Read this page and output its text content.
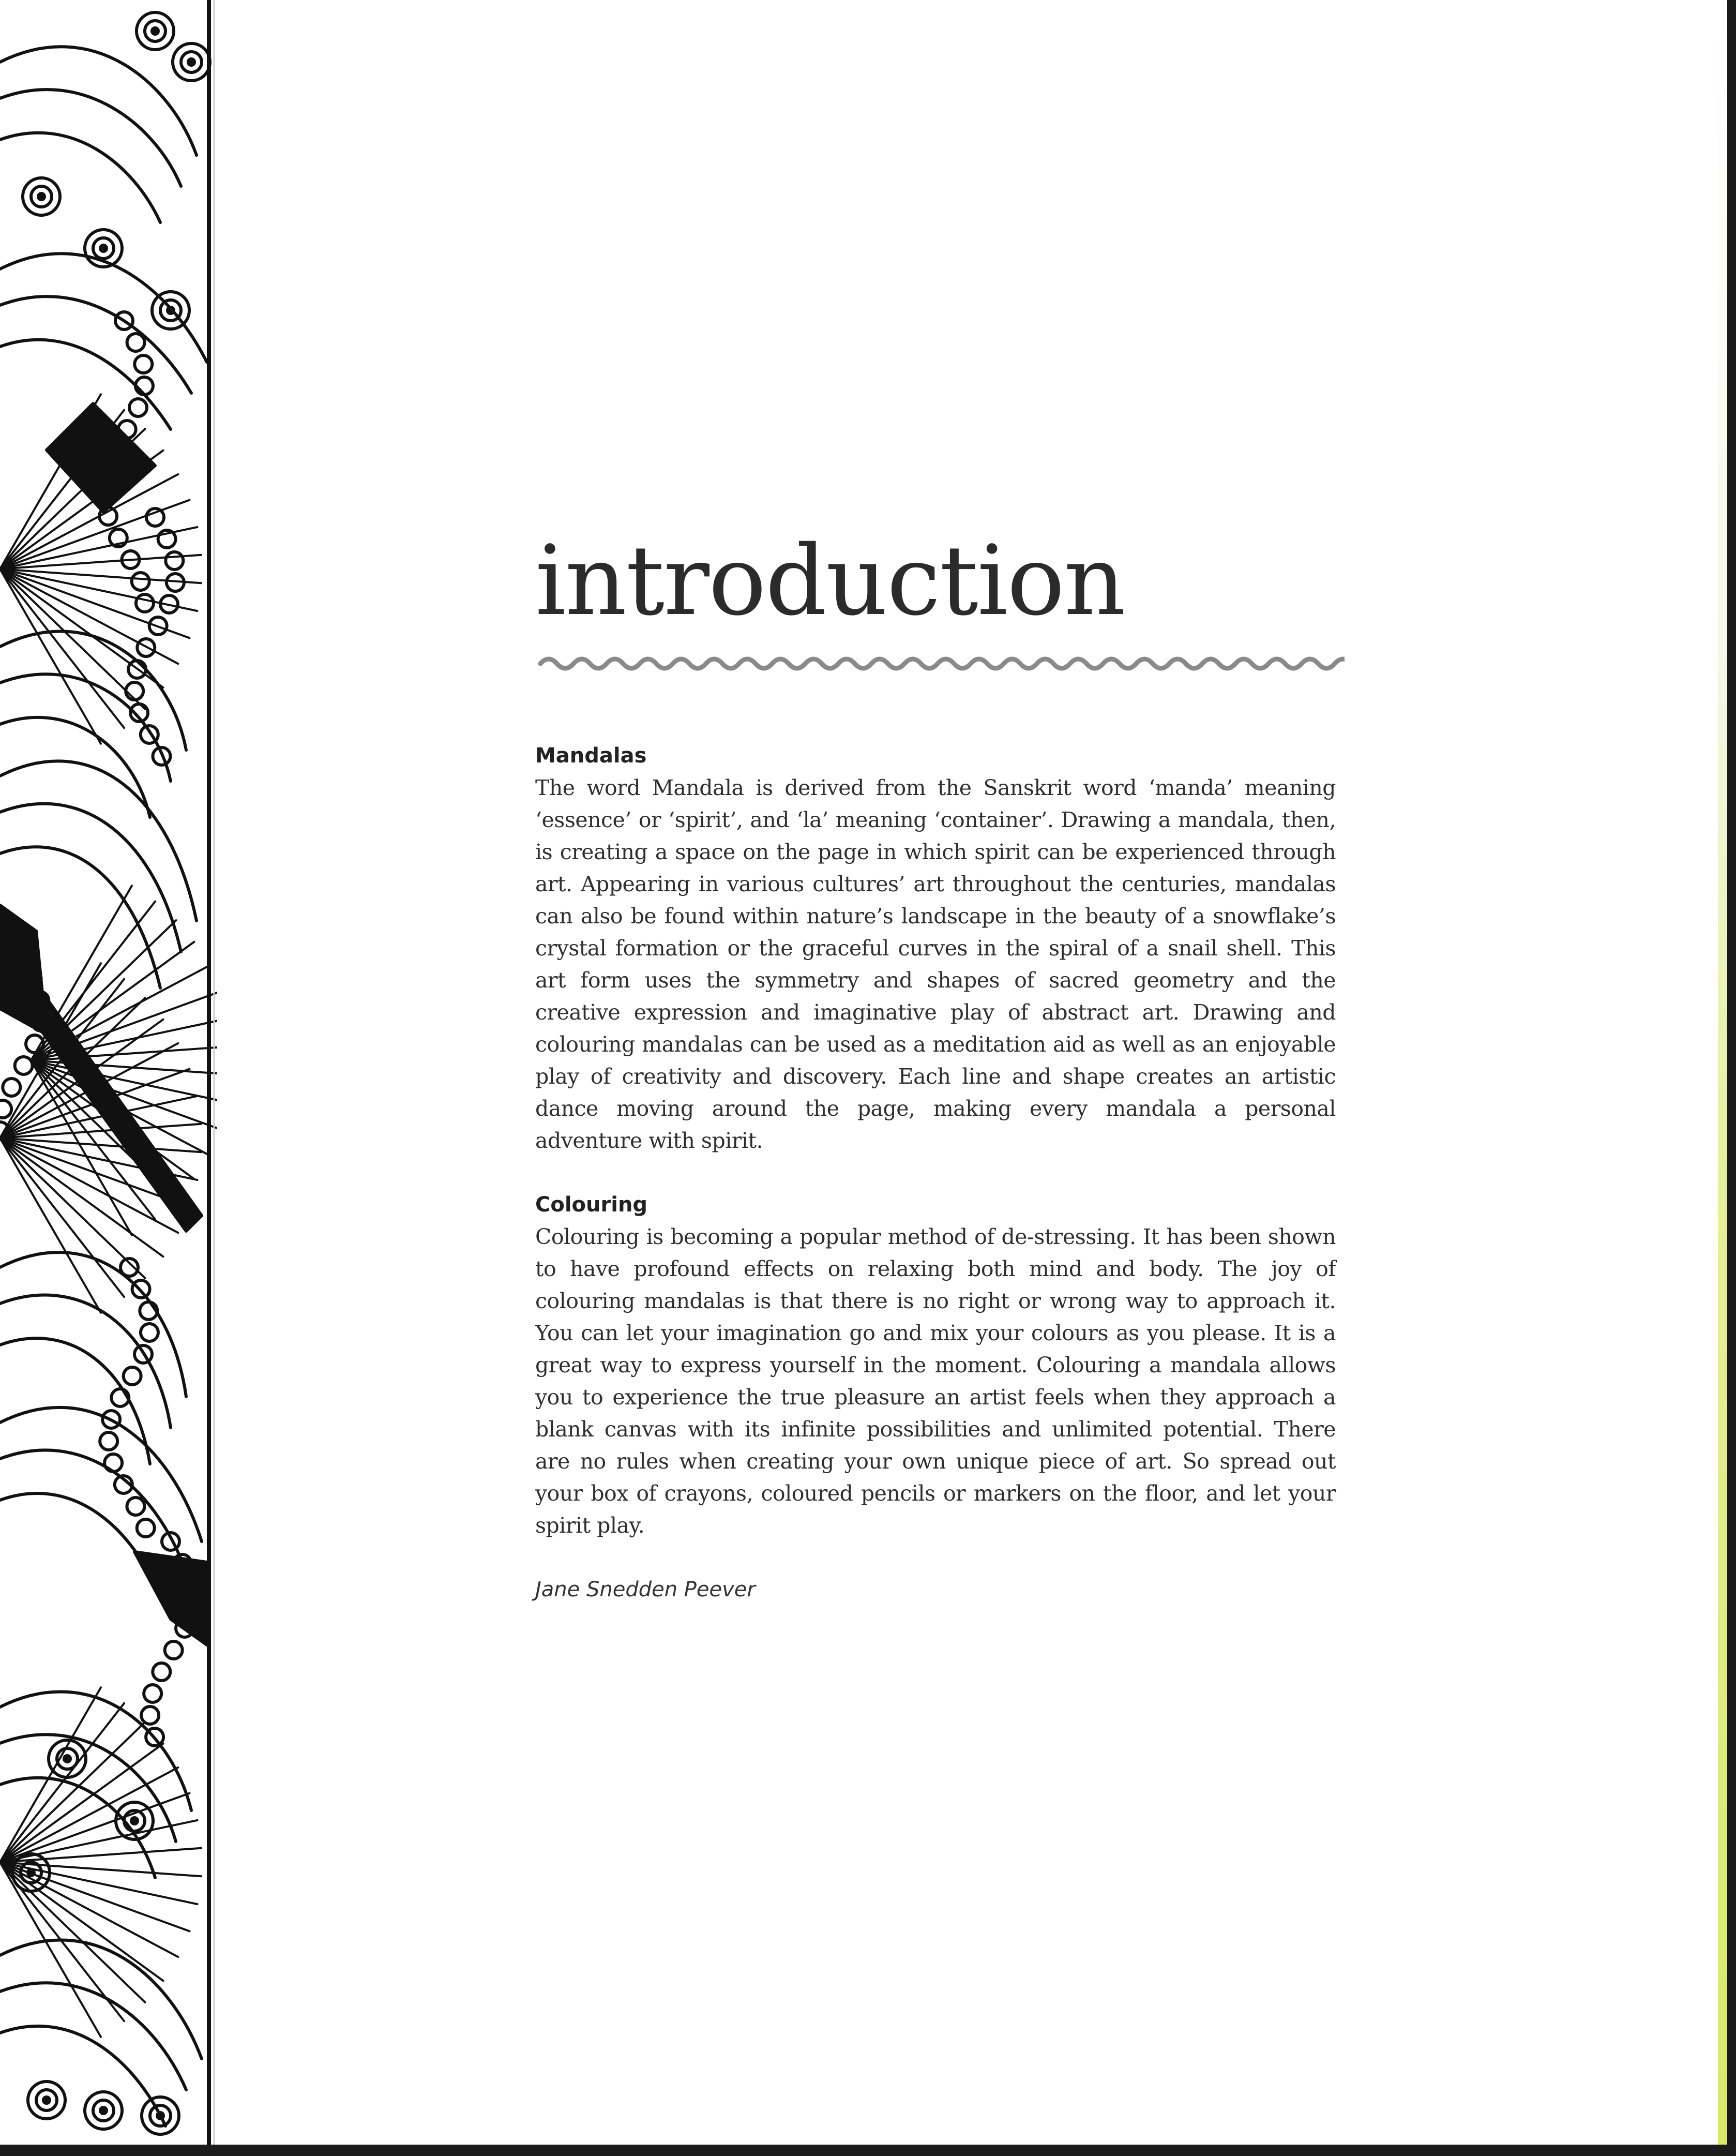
introduction
Mandalas

The word Mandala is derived from the Sanskrit word ‘manda’ meaning ‘essence’ or ‘spirit’, and ‘la’ meaning ‘container’. Drawing a mandala, then, is creating a space on the page in which spirit can be experienced through art. Appearing in various cultures’ art throughout the centuries, mandalas can also be found within nature’s landscape in the beauty of a snowflake’s crystal formation or the graceful curves in the spiral of a snail shell. This art form uses the symmetry and shapes of sacred geometry and the creative expression and imaginative play of abstract art. Drawing and colouring mandalas can be used as a meditation aid as well as an enjoyable play of creativity and discovery. Each line and shape creates an artistic dance moving around the page, making every mandala a personal adventure with spirit.

Colouring

Colouring is becoming a popular method of de-stressing. It has been shown to have profound effects on relaxing both mind and body. The joy of colouring mandalas is that there is no right or wrong way to approach it. You can let your imagination go and mix your colours as you please. It is a great way to express yourself in the moment. Colouring a mandala allows you to experience the true pleasure an artist feels when they approach a blank canvas with its infinite possibilities and unlimited potential. There are no rules when creating your own unique piece of art. So spread out your box of crayons, coloured pencils or markers on the floor, and let your spirit play.

Jane Snedden Peever
